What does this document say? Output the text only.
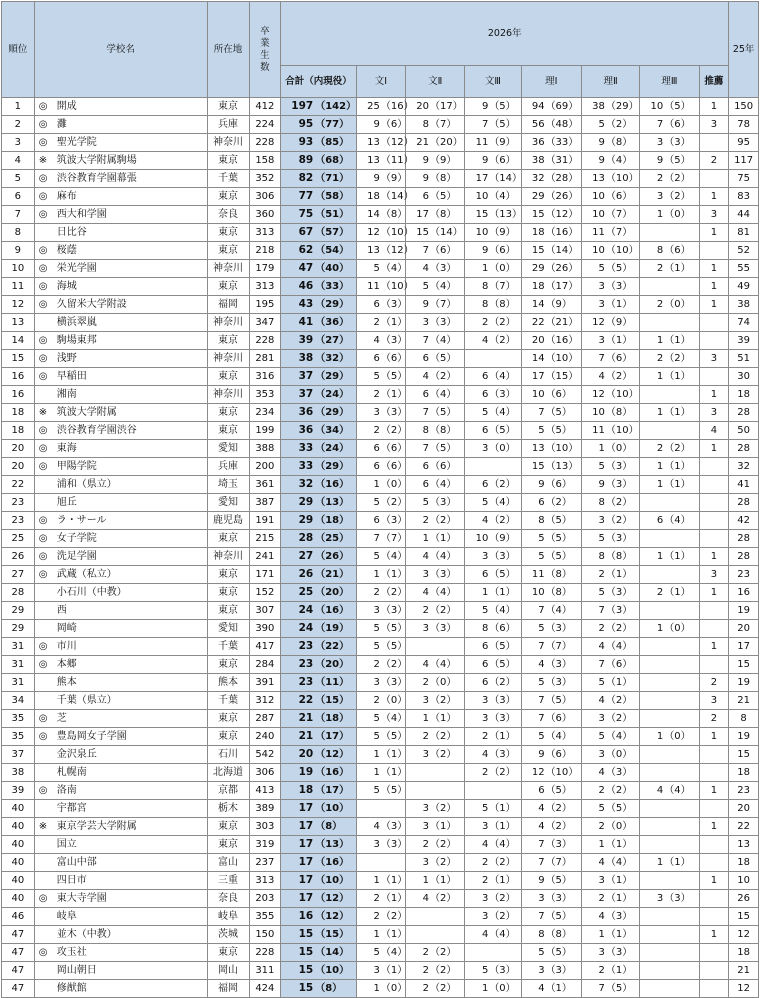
順位	学校名	所在地	卒業生数	2026年								25年
				合計（内現役）	文Ⅰ	文Ⅱ	文Ⅲ	理Ⅰ	理Ⅱ	理Ⅲ	推薦	
1	◎ 開成	東京	412	197 （142）	25（16）	20（17）	9（5）	94（69）	38（29）	10（5）	1	150
2	◎ 灘	兵庫	224	95 （77）	9（6）	8（7）	7（5）	56（48）	5（2）	7（6）	3	78
3	◎ 聖光学院	神奈川	228	93 （85）	13（12）	21（20）	11（9）	36（33）	9（8）	3（3）		95
4	※ 筑波大学附属駒場	東京	158	89 （68）	13（11）	9（9）	9（6）	38（31）	9（4）	9（5）	2	117
5	◎ 渋谷教育学園幕張	千葉	352	82 （71）	9（9）	9（8）	17（14）	32（28）	13（10）	2（2）		75
6	◎ 麻布	東京	306	77 （58）	18（14）	6（5）	10（4）	29（26）	10（6）	3（2）	1	83
7	◎ 西大和学園	奈良	360	75 （51）	14（8）	17（8）	15（13）	15（12）	10（7）	1（0）	3	44
8	日比谷	東京	313	67 （57）	12（10）	15（14）	10（9）	18（16）	11（7）		1	81
9	◎ 桜蔭	東京	218	62 （54）	13（12）	7（6）	9（6）	15（14）	10（10）	8（6）		52
10	◎ 栄光学園	神奈川	179	47 （40）	5（4）	4（3）	1（0）	29（26）	5（5）	2（1）	1	55
11	◎ 海城	東京	313	46 （33）	11（10）	5（4）	8（7）	18（17）	3（3）		1	49
12	◎ 久留米大学附設	福岡	195	43 （29）	6（3）	9（7）	8（8）	14（9）	3（1）	2（0）	1	38
13	横浜翠嵐	神奈川	347	41 （36）	2（1）	3（3）	2（2）	22（21）	12（9）			74
14	◎ 駒場東邦	東京	228	39 （27）	4（3）	7（4）	4（2）	20（16）	3（1）	1（1）		39
15	◎ 浅野	神奈川	281	38 （32）	6（6）	6（5）		14（10）	7（6）	2（2）	3	51
16	◎ 早稲田	東京	316	37 （29）	5（5）	4（2）	6（4）	17（15）	4（2）	1（1）		30
16	湘南	神奈川	353	37 （24）	2（1）	6（4）	6（3）	10（6）	12（10）		1	18
18	※ 筑波大学附属	東京	234	36 （29）	3（3）	7（5）	5（4）	7（5）	10（8）	1（1）	3	28
18	◎ 渋谷教育学園渋谷	東京	199	36 （34）	2（2）	8（8）	6（5）	5（5）	11（10）		4	50
20	◎ 東海	愛知	388	33 （24）	6（6）	7（5）	3（0）	13（10）	1（0）	2（2）	1	28
20	◎ 甲陽学院	兵庫	200	33 （29）	6（6）	6（6）		15（13）	5（3）	1（1）		32
22	浦和（県立）	埼玉	361	32 （16）	1（0）	6（4）	6（2）	9（6）	9（3）	1（1）		41
23	旭丘	愛知	387	29 （13）	5（2）	5（3）	5（4）	6（2）	8（2）			28
23	◎ ラ・サール	鹿児島	191	29 （18）	6（3）	2（2）	4（2）	8（5）	3（2）	6（4）		42
25	◎ 女子学院	東京	215	28 （25）	7（7）	1（1）	10（9）	5（5）	5（3）			28
26	◎ 洗足学園	神奈川	241	27 （26）	5（4）	4（4）	3（3）	5（5）	8（8）	1（1）	1	28
27	◎ 武蔵（私立）	東京	171	26 （21）	1（1）	3（3）	6（5）	11（8）	2（1）		3	23
28	小石川（中教）	東京	152	25 （20）	2（2）	4（4）	1（1）	10（8）	5（3）	2（1）	1	16
29	西	東京	307	24 （16）	3（3）	2（2）	5（4）	7（4）	7（3）			19
29	岡崎	愛知	390	24 （19）	5（5）	3（3）	8（6）	5（3）	2（2）	1（0）		20
31	◎ 市川	千葉	417	23 （22）	5（5）		6（5）	7（7）	4（4）		1	17
31	◎ 本郷	東京	284	23 （20）	2（2）	4（4）	6（5）	4（3）	7（6）			15
31	熊本	熊本	391	23 （11）	3（3）	2（0）	6（2）	5（3）	5（1）		2	19
34	千葉（県立）	千葉	312	22 （15）	2（0）	3（2）	3（3）	7（5）	4（2）		3	21
35	◎ 芝	東京	287	21 （18）	5（4）	1（1）	3（3）	7（6）	3（2）		2	8
35	◎ 豊島岡女子学園	東京	240	21 （17）	5（5）	2（2）	2（1）	5（4）	5（4）	1（0）	1	19
37	金沢泉丘	石川	542	20 （12）	1（1）	3（2）	4（3）	9（6）	3（0）			15
38	札幌南	北海道	306	19 （16）	1（1）		2（2）	12（10）	4（3）			18
39	◎ 洛南	京都	413	18 （17）	5（5）			6（5）	2（2）	4（4）	1	23
40	宇都宮	栃木	389	17 （10）		3（2）	5（1）	4（2）	5（5）			20
40	※ 東京学芸大学附属	東京	303	17 （8）	4（3）	3（1）	3（1）	4（2）	2（0）		1	22
40	国立	東京	319	17 （13）	3（3）	2（2）	4（4）	7（3）	1（1）			13
40	富山中部	富山	237	17 （16）		3（2）	2（2）	7（7）	4（4）	1（1）		18
40	四日市	三重	313	17 （10）	1（1）	1（1）	2（1）	9（5）	3（1）		1	10
40	◎ 東大寺学園	奈良	203	17 （12）	2（1）	4（2）	3（2）	3（3）	2（1）	3（3）		26
46	岐阜	岐阜	355	16 （12）	2（2）		3（2）	7（5）	4（3）			15
47	並木（中教）	茨城	150	15 （15）	1（1）		4（4）	8（8）	1（1）		1	12
47	◎ 攻玉社	東京	228	15 （14）	5（4）	2（2）		5（5）	3（3）			18
47	岡山朝日	岡山	311	15 （10）	3（1）	2（2）	5（3）	3（3）	2（1）			21
47	修猷館	福岡	424	15 （8）	1（0）	2（2）	1（0）	4（1）	7（5）			12
